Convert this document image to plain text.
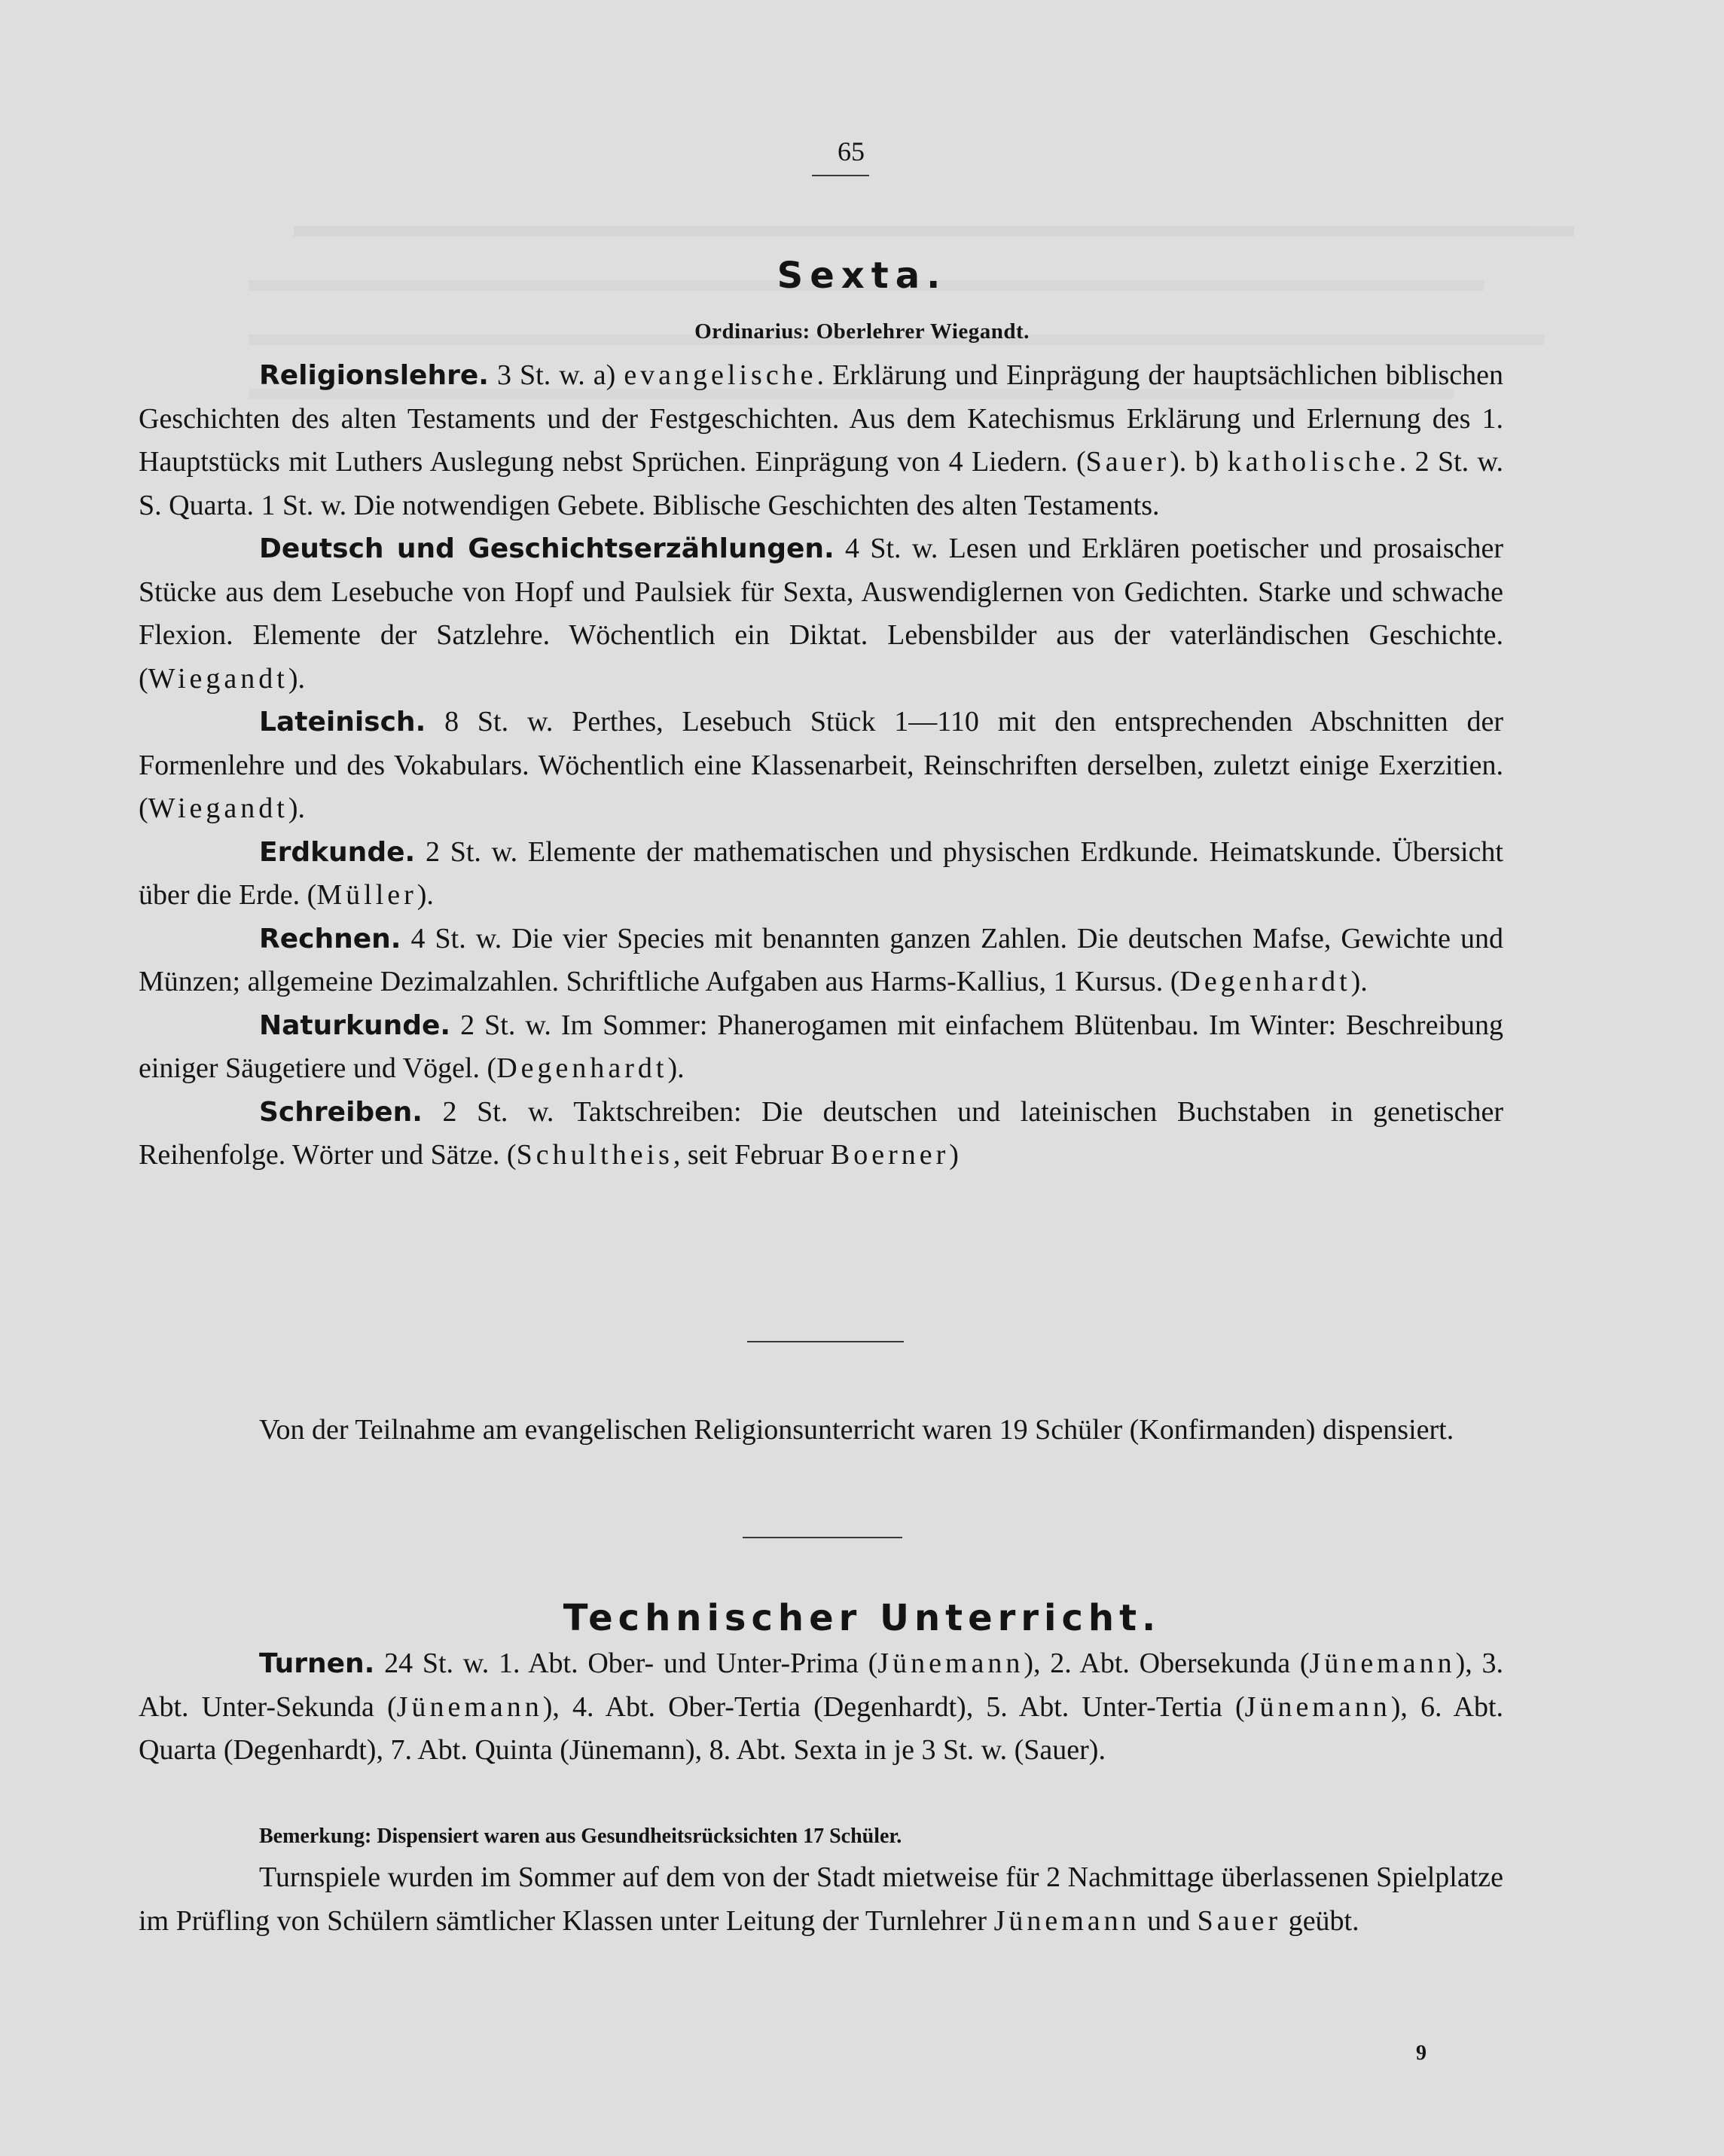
65
Sexta.
Ordinarius: Oberlehrer Wiegandt.

Religionslehre. 3 St. w. a) evangelische. Erklärung und Einprägung der hauptsächlichen biblischen Geschichten des alten Testaments und der Festgeschichten. Aus dem Katechismus Erklärung und Erlernung des 1. Hauptstücks mit Luthers Auslegung nebst Sprüchen. Einprägung von 4 Liedern. (Sauer). b) katholische. 2 St. w. S. Quarta. 1 St. w. Die notwendigen Gebete. Biblische Geschichten des alten Testaments.

Deutsch und Geschichtserzählungen. 4 St. w. Lesen und Erklären poetischer und prosaischer Stücke aus dem Lesebuche von Hopf und Paulsiek für Sexta, Auswendiglernen von Gedichten. Starke und schwache Flexion. Elemente der Satzlehre. Wöchentlich ein Diktat. Lebensbilder aus der vaterländischen Geschichte. (Wiegandt).

Lateinisch. 8 St. w. Perthes, Lesebuch Stück 1—110 mit den entsprechenden Abschnitten der Formenlehre und des Vokabulars. Wöchentlich eine Klassenarbeit, Reinschriften derselben, zuletzt einige Exerzitien. (Wiegandt).

Erdkunde. 2 St. w. Elemente der mathematischen und physischen Erdkunde. Heimatskunde. Übersicht über die Erde. (Müller).

Rechnen. 4 St. w. Die vier Species mit benannten ganzen Zahlen. Die deutschen Mafse, Gewichte und Münzen; allgemeine Dezimalzahlen. Schriftliche Aufgaben aus Harms-Kallius, 1 Kursus. (Degenhardt).

Naturkunde. 2 St. w. Im Sommer: Phanerogamen mit einfachem Blütenbau. Im Winter: Beschreibung einiger Säugetiere und Vögel. (Degenhardt).

Schreiben. 2 St. w. Taktschreiben: Die deutschen und lateinischen Buchstaben in genetischer Reihenfolge. Wörter und Sätze. (Schultheis, seit Februar Boerner)

Von der Teilnahme am evangelischen Religionsunterricht waren 19 Schüler (Konfirmanden) dispensiert.

Technischer Unterricht.

Turnen. 24 St. w. 1. Abt. Ober- und Unter-Prima (Jünemann), 2. Abt. Obersekunda (Jünemann), 3. Abt. Unter-Sekunda (Jünemann), 4. Abt. Ober-Tertia (Degenhardt), 5. Abt. Unter-Tertia (Jünemann), 6. Abt. Quarta (Degenhardt), 7. Abt. Quinta (Jünemann), 8. Abt. Sexta in je 3 St. w. (Sauer).

Bemerkung: Dispensiert waren aus Gesundheitsrücksichten 17 Schüler.

Turnspiele wurden im Sommer auf dem von der Stadt mietweise für 2 Nachmittage überlassenen Spielplatze im Prüfling von Schülern sämtlicher Klassen unter Leitung der Turnlehrer Jünemann und Sauer geübt.

9
